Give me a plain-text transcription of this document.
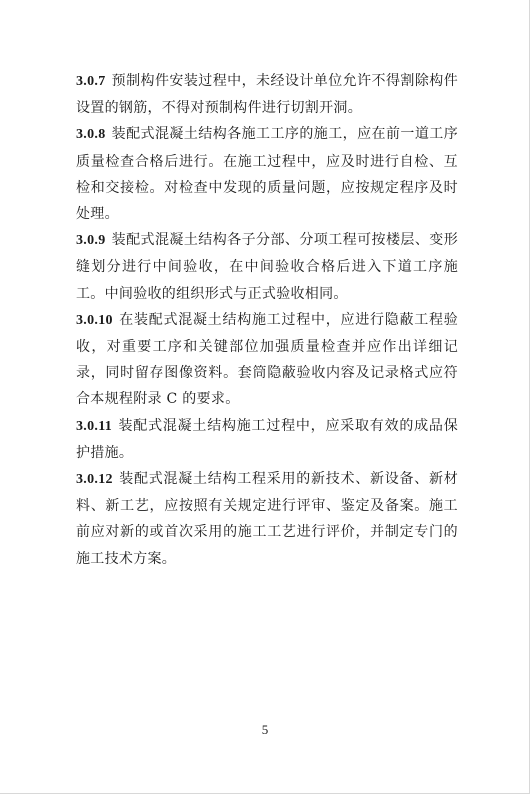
3.0.7 预制构件安装过程中，未经设计单位允许不得割除构件设置的钢筋，不得对预制构件进行切割开洞。

3.0.8 装配式混凝土结构各施工工序的施工，应在前一道工序质量检查合格后进行。在施工过程中，应及时进行自检、互检和交接检。对检查中发现的质量问题，应按规定程序及时处理。

3.0.9 装配式混凝土结构各子分部、分项工程可按楼层、变形缝划分进行中间验收，在中间验收合格后进入下道工序施工。中间验收的组织形式与正式验收相同。

3.0.10 在装配式混凝土结构施工过程中，应进行隐蔽工程验收，对重要工序和关键部位加强质量检查并应作出详细记录，同时留存图像资料。套筒隐蔽验收内容及记录格式应符合本规程附录 C 的要求。

3.0.11 装配式混凝土结构施工过程中，应采取有效的成品保护措施。

3.0.12 装配式混凝土结构工程采用的新技术、新设备、新材料、新工艺，应按照有关规定进行评审、鉴定及备案。施工前应对新的或首次采用的施工工艺进行评价，并制定专门的施工技术方案。

5
